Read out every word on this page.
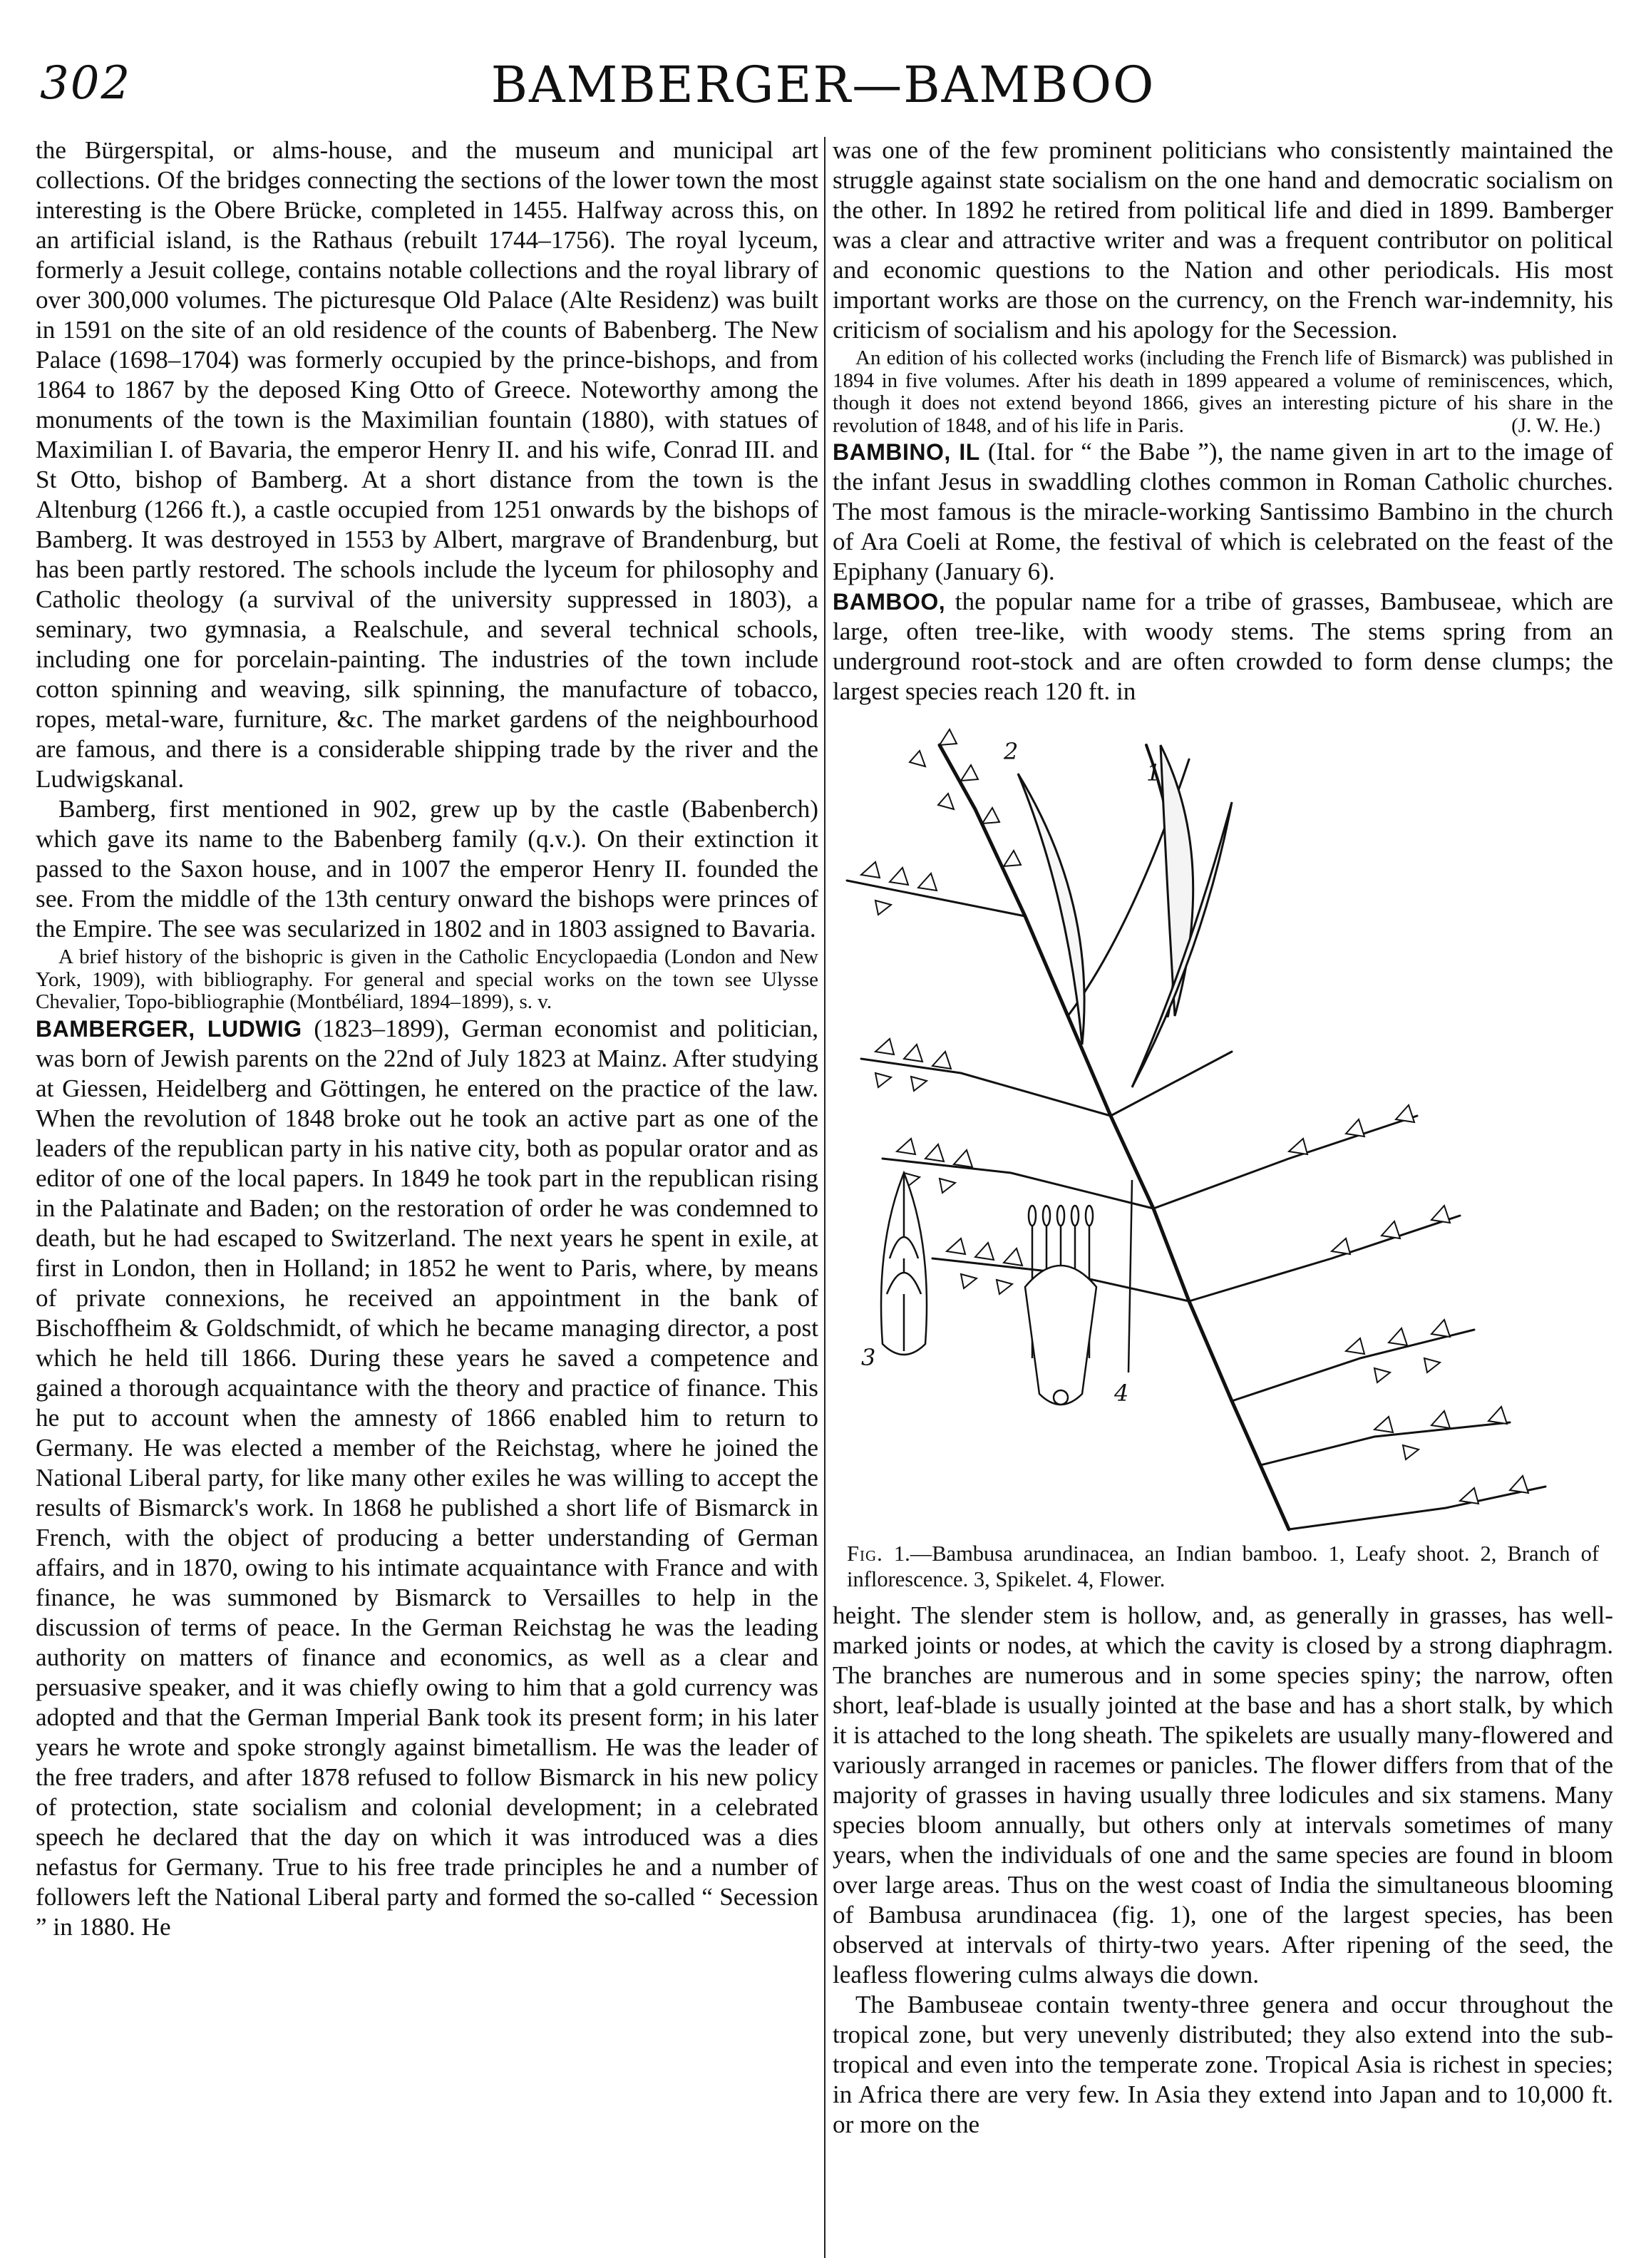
302	BAMBERGER—BAMBOO

the Bürgerspital, or alms-house, and the museum and municipal art collections. Of the bridges connecting the sections of the lower town the most interesting is the Obere Brücke, completed in 1455. Halfway across this, on an artificial island, is the Rathaus (rebuilt 1744–1756). The royal lyceum, formerly a Jesuit college, contains notable collections and the royal library of over 300,000 volumes. The picturesque Old Palace (Alte Residenz) was built in 1591 on the site of an old residence of the counts of Babenberg. The New Palace (1698–1704) was formerly occupied by the prince-bishops, and from 1864 to 1867 by the deposed King Otto of Greece. Noteworthy among the monuments of the town is the Maximilian fountain (1880), with statues of Maximilian I. of Bavaria, the emperor Henry II. and his wife, Conrad III. and St Otto, bishop of Bamberg. At a short distance from the town is the Altenburg (1266 ft.), a castle occupied from 1251 onwards by the bishops of Bamberg. It was destroyed in 1553 by Albert, margrave of Brandenburg, but has been partly restored. The schools include the lyceum for philosophy and Catholic theology (a survival of the university suppressed in 1803), a seminary, two gymnasia, a Realschule, and several technical schools, including one for porcelain-painting. The industries of the town include cotton spinning and weaving, silk spinning, the manufacture of tobacco, ropes, metal-ware, furniture, &c. The market gardens of the neighbourhood are famous, and there is a considerable shipping trade by the river and the Ludwigskanal.

Bamberg, first mentioned in 902, grew up by the castle (Babenberch) which gave its name to the Babenberg family (q.v.). On their extinction it passed to the Saxon house, and in 1007 the emperor Henry II. founded the see. From the middle of the 13th century onward the bishops were princes of the Empire. The see was secularized in 1802 and in 1803 assigned to Bavaria.

A brief history of the bishopric is given in the Catholic Encyclopaedia (London and New York, 1909), with bibliography. For general and special works on the town see Ulysse Chevalier, Topo-bibliographie (Montbéliard, 1894–1899), s. v.

BAMBERGER, LUDWIG (1823–1899), German economist and politician, was born of Jewish parents on the 22nd of July 1823 at Mainz. After studying at Giessen, Heidelberg and Göttingen, he entered on the practice of the law. When the revolution of 1848 broke out he took an active part as one of the leaders of the republican party in his native city, both as popular orator and as editor of one of the local papers. In 1849 he took part in the republican rising in the Palatinate and Baden; on the restoration of order he was condemned to death, but he had escaped to Switzerland. The next years he spent in exile, at first in London, then in Holland; in 1852 he went to Paris, where, by means of private connexions, he received an appointment in the bank of Bischoffheim & Goldschmidt, of which he became managing director, a post which he held till 1866. During these years he saved a competence and gained a thorough acquaintance with the theory and practice of finance. This he put to account when the amnesty of 1866 enabled him to return to Germany. He was elected a member of the Reichstag, where he joined the National Liberal party, for like many other exiles he was willing to accept the results of Bismarck's work. In 1868 he published a short life of Bismarck in French, with the object of producing a better understanding of German affairs, and in 1870, owing to his intimate acquaintance with France and with finance, he was summoned by Bismarck to Versailles to help in the discussion of terms of peace. In the German Reichstag he was the leading authority on matters of finance and economics, as well as a clear and persuasive speaker, and it was chiefly owing to him that a gold currency was adopted and that the German Imperial Bank took its present form; in his later years he wrote and spoke strongly against bimetallism. He was the leader of the free traders, and after 1878 refused to follow Bismarck in his new policy of protection, state socialism and colonial development; in a celebrated speech he declared that the day on which it was introduced was a dies nefastus for Germany. True to his free trade principles he and a number of followers left the National Liberal party and formed the so-called “ Secession ” in 1880. He

was one of the few prominent politicians who consistently maintained the struggle against state socialism on the one hand and democratic socialism on the other. In 1892 he retired from political life and died in 1899. Bamberger was a clear and attractive writer and was a frequent contributor on political and economic questions to the Nation and other periodicals. His most important works are those on the currency, on the French war-indemnity, his criticism of socialism and his apology for the Secession.

An edition of his collected works (including the French life of Bismarck) was published in 1894 in five volumes. After his death in 1899 appeared a volume of reminiscences, which, though it does not extend beyond 1866, gives an interesting picture of his share in the revolution of 1848, and of his life in Paris.	(J. W. He.)

BAMBINO, IL (Ital. for “ the Babe ”), the name given in art to the image of the infant Jesus in swaddling clothes common in Roman Catholic churches. The most famous is the miracle-working Santissimo Bambino in the church of Ara Coeli at Rome, the festival of which is celebrated on the feast of the Epiphany (January 6).

BAMBOO, the popular name for a tribe of grasses, Bambuseae, which are large, often tree-like, with woody stems. The stems spring from an underground root-stock and are often crowded to form dense clumps; the largest species reach 120 ft. in

1
2
3
4
Fig. 1.—Bambusa arundinacea, an Indian bamboo. 1, Leafy shoot. 2, Branch of inflorescence. 3, Spikelet. 4, Flower.

height. The slender stem is hollow, and, as generally in grasses, has well-marked joints or nodes, at which the cavity is closed by a strong diaphragm. The branches are numerous and in some species spiny; the narrow, often short, leaf-blade is usually jointed at the base and has a short stalk, by which it is attached to the long sheath. The spikelets are usually many-flowered and variously arranged in racemes or panicles. The flower differs from that of the majority of grasses in having usually three lodicules and six stamens. Many species bloom annually, but others only at intervals sometimes of many years, when the individuals of one and the same species are found in bloom over large areas. Thus on the west coast of India the simultaneous blooming of Bambusa arundinacea (fig. 1), one of the largest species, has been observed at intervals of thirty-two years. After ripening of the seed, the leafless flowering culms always die down.

The Bambuseae contain twenty-three genera and occur throughout the tropical zone, but very unevenly distributed; they also extend into the sub-tropical and even into the temperate zone. Tropical Asia is richest in species; in Africa there are very few. In Asia they extend into Japan and to 10,000 ft. or more on the
